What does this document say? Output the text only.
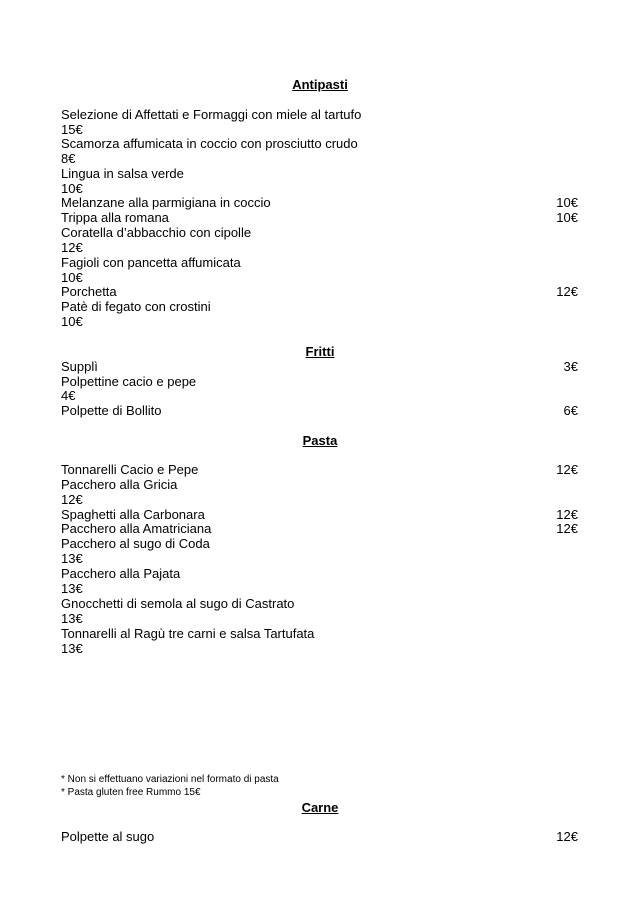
Antipasti
Selezione di Affettati e Formaggi con miele al tartufo
15€
Scamorza affumicata in coccio con prosciutto crudo
8€
Lingua in salsa verde
10€
Melanzane alla parmigiana in coccio	10€
Trippa alla romana	10€
Coratella d’abbacchio con cipolle
12€
Fagioli con pancetta affumicata
10€
Porchetta	12€
Patè di fegato con crostini
10€
Fritti
Supplì	3€
Polpettine cacio e pepe
4€
Polpette di Bollito	6€
Pasta
Tonnarelli Cacio e Pepe	12€
Pacchero alla Gricia
12€
Spaghetti alla Carbonara	12€
Pacchero alla Amatriciana	12€
Pacchero al sugo di Coda
13€
Pacchero alla Pajata
13€
Gnocchetti di semola al sugo di Castrato
13€
Tonnarelli al Ragù tre carni e salsa Tartufata
13€
* Non si effettuano variazioni nel formato di pasta
* Pasta gluten free Rummo 15€
Carne
Polpette al sugo	12€
